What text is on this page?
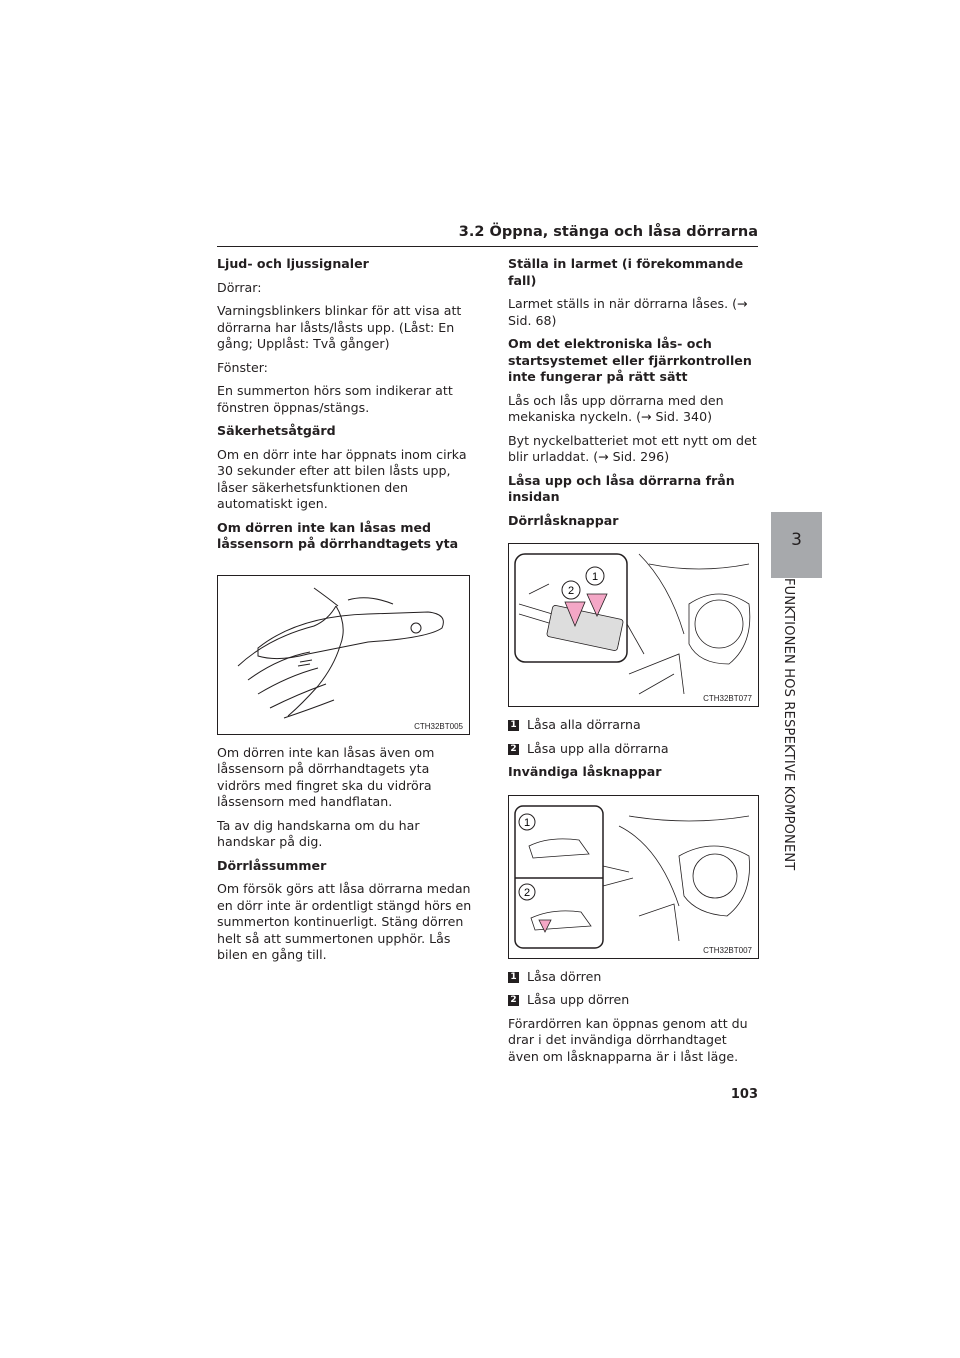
3.2 Öppna, stänga och låsa dörrarna

Ljud- och ljussignaler

Dörrar:

Varningsblinkers blinkar för att visa att dörrarna har låsts/låsts upp. (Låst: En gång; Upplåst: Två gånger)

Fönster:

En summerton hörs som indikerar att fönstren öppnas/stängs.

Säkerhetsåtgärd

Om en dörr inte har öppnats inom cirka 30 sekunder efter att bilen låsts upp, låser säkerhetsfunktionen den automatiskt igen.

Om dörren inte kan låsas med låssensorn på dörrhandtagets yta

CTH32BT005

Om dörren inte kan låsas även om låssensorn på dörrhandtagets yta vidrörs med fingret ska du vidröra låssensorn med handflatan.

Ta av dig handskarna om du har handskar på dig.

Dörrlåssummer

Om försök görs att låsa dörrarna medan en dörr inte är ordentligt stängd hörs en summerton kontinuerligt. Stäng dörren helt så att summertonen upphör. Lås bilen en gång till.

Ställa in larmet (i förekommande fall)

Larmet ställs in när dörrarna låses. (→ Sid. 68)

Om det elektroniska lås- och startsystemet eller fjärrkontrollen inte fungerar på rätt sätt

Lås och lås upp dörrarna med den mekaniska nyckeln. (→ Sid. 340)

Byt nyckelbatteriet mot ett nytt om det blir urladdat. (→ Sid. 296)

Låsa upp och låsa dörrarna från insidan

Dörrlåsknappar

2
1
CTH32BT077
1 Låsa alla dörrarna
2 Låsa upp alla dörrarna

Invändiga låsknappar

1
2
CTH32BT007
1 Låsa dörren
2 Låsa upp dörren

Förardörren kan öppnas genom att du drar i det invändiga dörrhandtaget även om låsknapparna är i låst läge.

3
FUNKTIONEN HOS RESPEKTIVE KOMPONENT
103
